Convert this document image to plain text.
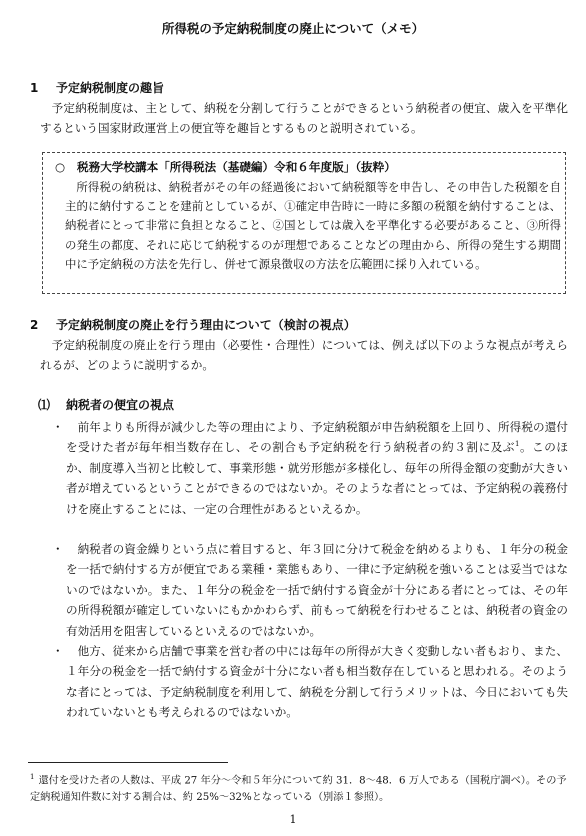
所得税の予定納税制度の廃止について（メモ）
1 予定納税制度の趣旨
予定納税制度は、主として、納税を分割して行うことができるという納税者の便宜、歳入を平準化するという国家財政運営上の便宜等を趣旨とするものと説明されている。
○ 税務大学校講本「所得税法（基礎編）令和６年度版」（抜粋）
所得税の納税は、納税者がその年の経過後において納税額等を申告し、その申告した税額を自主的に納付することを建前としているが、①確定申告時に一時に多額の税額を納付することは、納税者にとって非常に負担となること、②国としては歳入を平準化する必要があること、③所得の発生の都度、それに応じて納税するのが理想であることなどの理由から、所得の発生する期間中に予定納税の方法を先行し、併せて源泉徴収の方法を広範囲に採り入れている。
2 予定納税制度の廃止を行う理由について（検討の視点）
予定納税制度の廃止を行う理由（必要性・合理性）については、例えば以下のような視点が考えられるが、どのように説明するか。
⑴ 納税者の便宜の視点
・	前年よりも所得が減少した等の理由により、予定納税額が申告納税額を上回り、所得税の還付を受けた者が毎年相当数存在し、その割合も予定納税を行う納税者の約３割に及ぶ$^1$。このほか、制度導入当初と比較して、事業形態・就労形態が多様化し、毎年の所得金額の変動が大きい者が増えているということができるのではないか。そのような者にとっては、予定納税の義務付けを廃止することには、一定の合理性があるといえるか。
・	納税者の資金繰りという点に着目すると、年３回に分けて税金を納めるよりも、１年分の税金を一括で納付する方が便宜である業種・業態もあり、一律に予定納税を強いることは妥当ではないのではないか。また、１年分の税金を一括で納付する資金が十分にある者にとっては、その年の所得税額が確定していないにもかかわらず、前もって納税を行わせることは、納税者の資金の有効活用を阻害しているといえるのではないか。
・	他方、従来から店舗で事業を営む者の中には毎年の所得が大きく変動しない者もおり、また、１年分の税金を一括で納付する資金が十分にない者も相当数存在していると思われる。そのような者にとっては、予定納税制度を利用して、納税を分割して行うメリットは、今日においても失われていないとも考えられるのではないか。
$^1$ 還付を受けた者の人数は、平成 27 年分～令和５年分について約 31．8～48．6 万人である（国税庁調べ）。その予定納税通知件数に対する割合は、約 25%～32%となっている（別添１参照）。
1
